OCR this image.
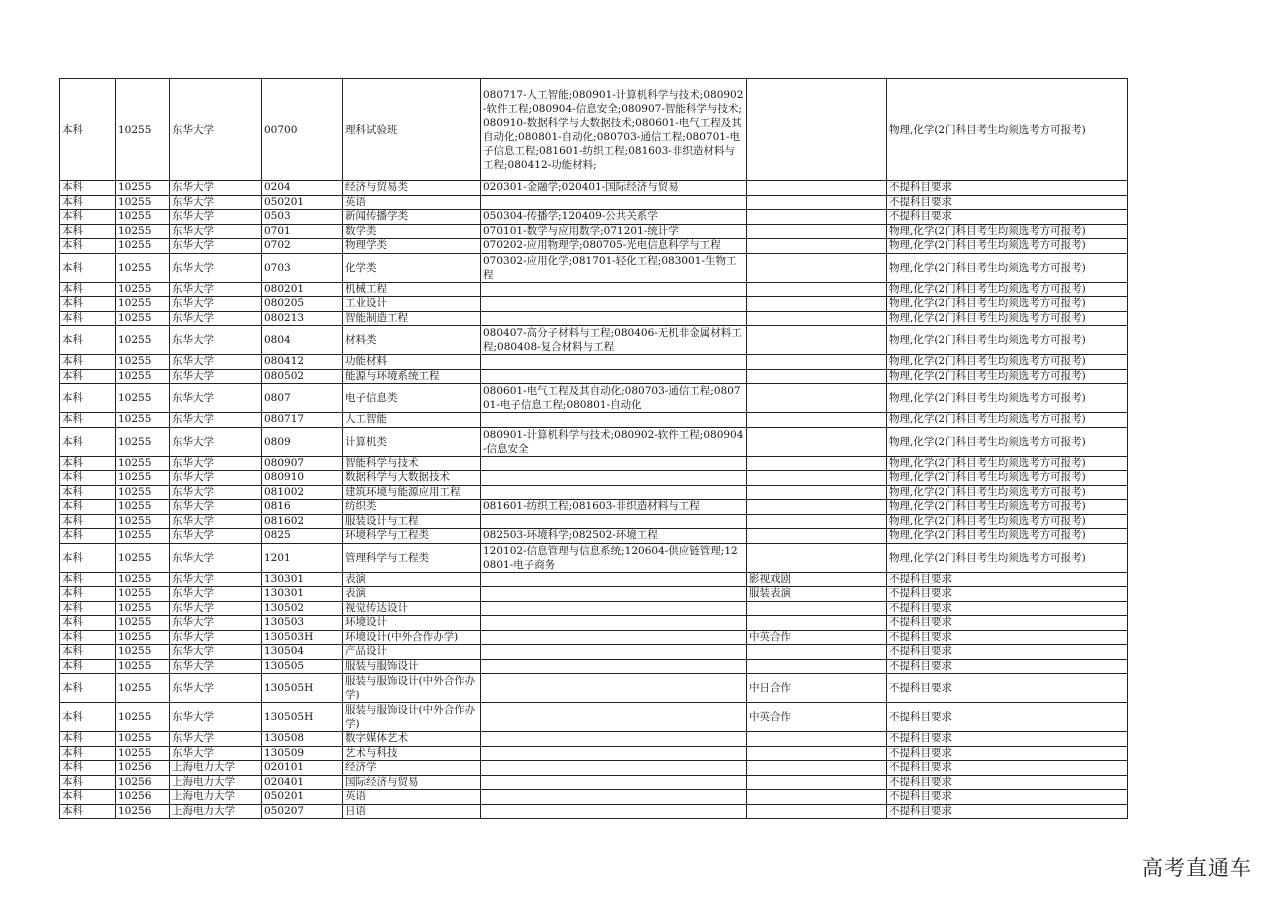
本科	10255	东华大学	00700	理科试验班	080717-人工智能;080901-计算机科学与技术;080902-软件工程;080904-信息安全;080907-智能科学与技术;080910-数据科学与大数据技术;080601-电气工程及其自动化;080801-自动化;080703-通信工程;080701-电子信息工程;081601-纺织工程;081603-非织造材料与工程;080412-功能材料;		物理,化学(2门科目考生均须选考方可报考)
本科	10255	东华大学	0204	经济与贸易类	020301-金融学;020401-国际经济与贸易		不提科目要求
本科	10255	东华大学	050201	英语			不提科目要求
本科	10255	东华大学	0503	新闻传播学类	050304-传播学;120409-公共关系学		不提科目要求
本科	10255	东华大学	0701	数学类	070101-数学与应用数学;071201-统计学		物理,化学(2门科目考生均须选考方可报考)
本科	10255	东华大学	0702	物理学类	070202-应用物理学;080705-光电信息科学与工程		物理,化学(2门科目考生均须选考方可报考)
本科	10255	东华大学	0703	化学类	070302-应用化学;081701-轻化工程;083001-生物工程		物理,化学(2门科目考生均须选考方可报考)
本科	10255	东华大学	080201	机械工程			物理,化学(2门科目考生均须选考方可报考)
本科	10255	东华大学	080205	工业设计			物理,化学(2门科目考生均须选考方可报考)
本科	10255	东华大学	080213	智能制造工程			物理,化学(2门科目考生均须选考方可报考)
本科	10255	东华大学	0804	材料类	080407-高分子材料与工程;080406-无机非金属材料工程;080408-复合材料与工程		物理,化学(2门科目考生均须选考方可报考)
本科	10255	东华大学	080412	功能材料			物理,化学(2门科目考生均须选考方可报考)
本科	10255	东华大学	080502	能源与环境系统工程			物理,化学(2门科目考生均须选考方可报考)
本科	10255	东华大学	0807	电子信息类	080601-电气工程及其自动化;080703-通信工程;080701-电子信息工程;080801-自动化		物理,化学(2门科目考生均须选考方可报考)
本科	10255	东华大学	080717	人工智能			物理,化学(2门科目考生均须选考方可报考)
本科	10255	东华大学	0809	计算机类	080901-计算机科学与技术;080902-软件工程;080904-信息安全		物理,化学(2门科目考生均须选考方可报考)
本科	10255	东华大学	080907	智能科学与技术			物理,化学(2门科目考生均须选考方可报考)
本科	10255	东华大学	080910	数据科学与大数据技术			物理,化学(2门科目考生均须选考方可报考)
本科	10255	东华大学	081002	建筑环境与能源应用工程			物理,化学(2门科目考生均须选考方可报考)
本科	10255	东华大学	0816	纺织类	081601-纺织工程;081603-非织造材料与工程		物理,化学(2门科目考生均须选考方可报考)
本科	10255	东华大学	081602	服装设计与工程			物理,化学(2门科目考生均须选考方可报考)
本科	10255	东华大学	0825	环境科学与工程类	082503-环境科学;082502-环境工程		物理,化学(2门科目考生均须选考方可报考)
本科	10255	东华大学	1201	管理科学与工程类	120102-信息管理与信息系统;120604-供应链管理;120801-电子商务		物理,化学(2门科目考生均须选考方可报考)
本科	10255	东华大学	130301	表演		影视戏剧	不提科目要求
本科	10255	东华大学	130301	表演		服装表演	不提科目要求
本科	10255	东华大学	130502	视觉传达设计			不提科目要求
本科	10255	东华大学	130503	环境设计			不提科目要求
本科	10255	东华大学	130503H	环境设计(中外合作办学)		中英合作	不提科目要求
本科	10255	东华大学	130504	产品设计			不提科目要求
本科	10255	东华大学	130505	服装与服饰设计			不提科目要求
本科	10255	东华大学	130505H	服装与服饰设计(中外合作办学)		中日合作	不提科目要求
本科	10255	东华大学	130505H	服装与服饰设计(中外合作办学)		中英合作	不提科目要求
本科	10255	东华大学	130508	数字媒体艺术			不提科目要求
本科	10255	东华大学	130509	艺术与科技			不提科目要求
本科	10256	上海电力大学	020101	经济学			不提科目要求
本科	10256	上海电力大学	020401	国际经济与贸易			不提科目要求
本科	10256	上海电力大学	050201	英语			不提科目要求
本科	10256	上海电力大学	050207	日语			不提科目要求
高考直通车
